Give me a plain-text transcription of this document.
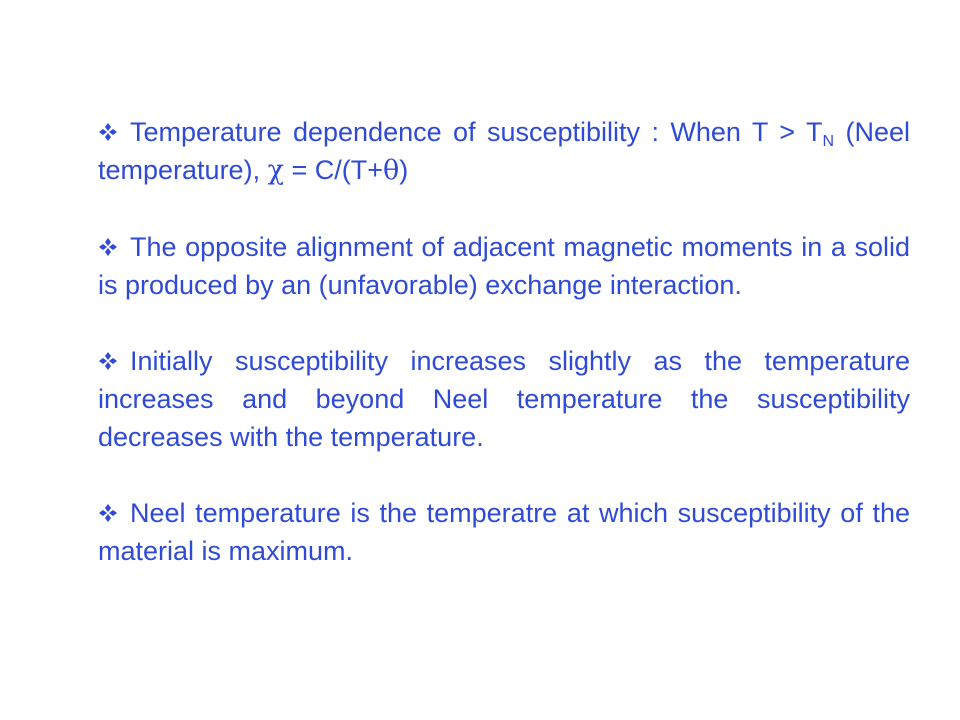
Temperature dependence of susceptibility : When $T > T_N$ (Neel temperature), χ = C/(T+θ)

The opposite alignment of adjacent magnetic moments in a solid is produced by an (unfavorable) exchange interaction.

Initially susceptibility increases slightly as the temperature increases and beyond Neel temperature the susceptibility decreases with the temperature.

Neel temperature is the temperatre at which susceptibility of the material is maximum.
